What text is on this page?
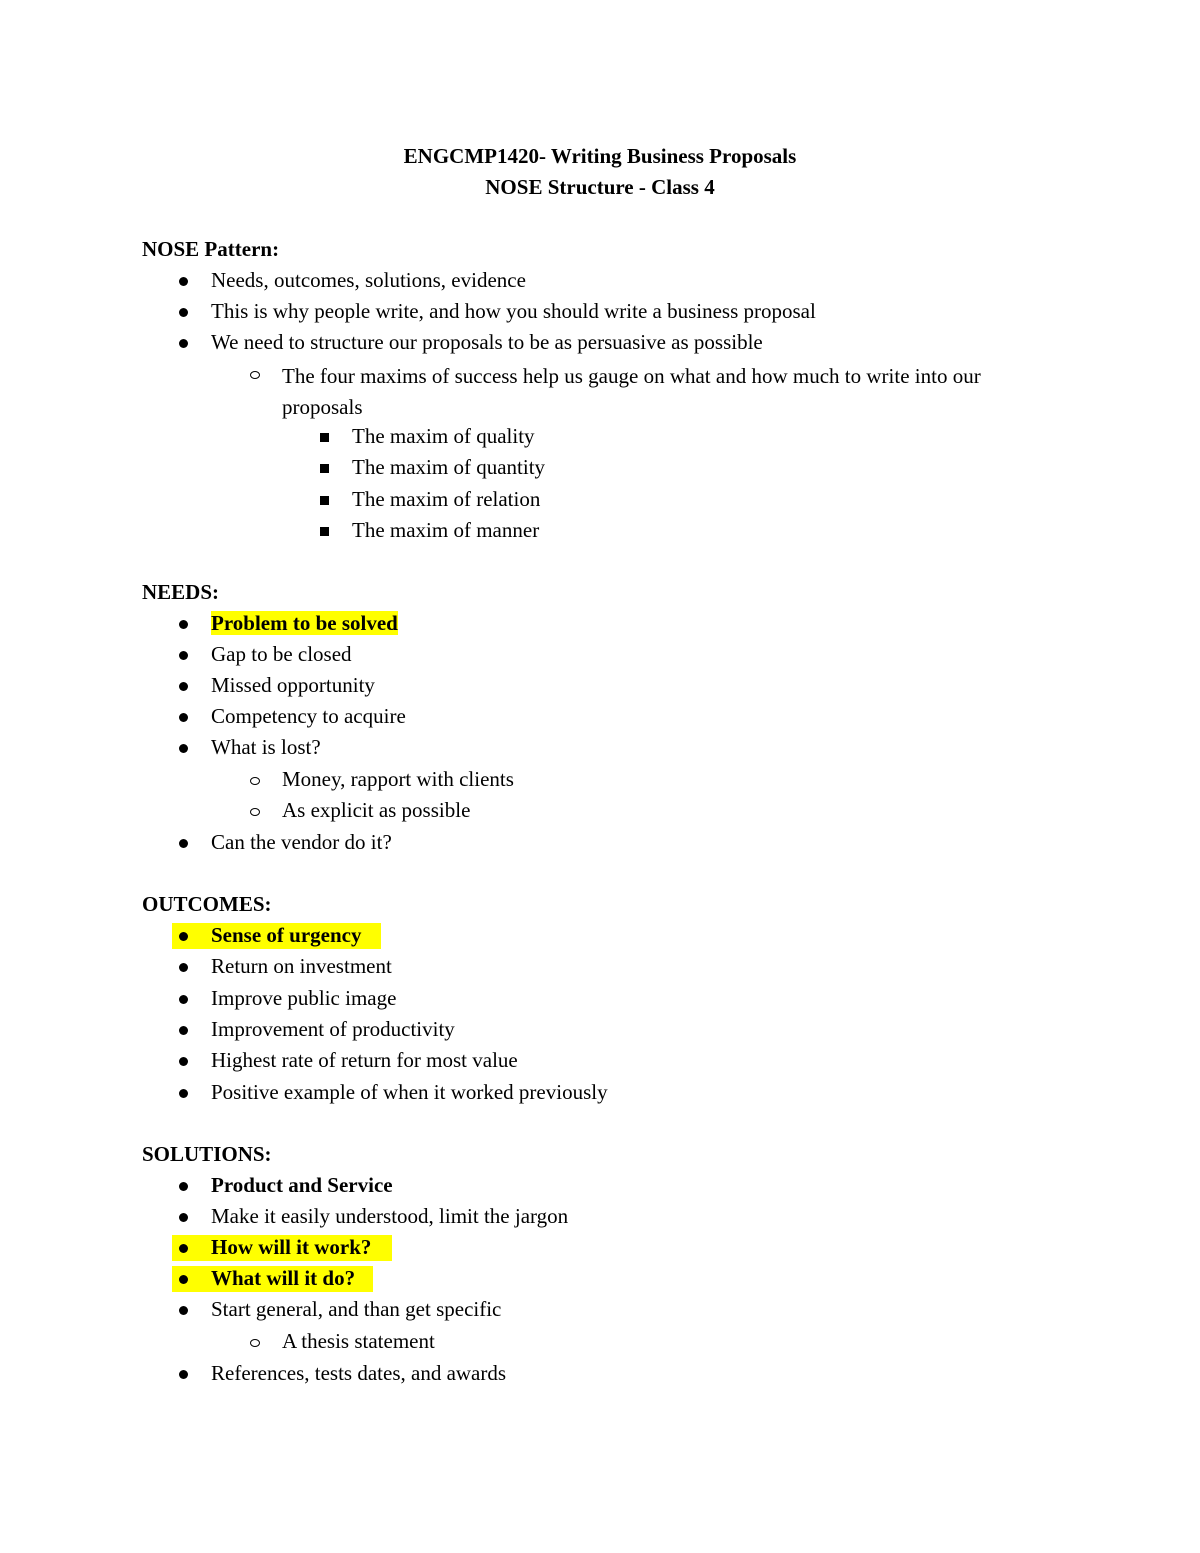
ENGCMP1420- Writing Business Proposals
NOSE Structure - Class 4
NOSE Pattern:
Needs, outcomes, solutions, evidence
This is why people write, and how you should write a business proposal
We need to structure our proposals to be as persuasive as possible
The four maxims of success help us gauge on what and how much to write into our proposals
The maxim of quality
The maxim of quantity
The maxim of relation
The maxim of manner
NEEDS:
Problem to be solved
Gap to be closed
Missed opportunity
Competency to acquire
What is lost?
Money, rapport with clients
As explicit as possible
Can the vendor do it?
OUTCOMES:
Sense of urgency
Return on investment
Improve public image
Improvement of productivity
Highest rate of return for most value
Positive example of when it worked previously
SOLUTIONS:
Product and Service
Make it easily understood, limit the jargon
How will it work?
What will it do?
Start general, and than get specific
A thesis statement
References, tests dates, and awards
